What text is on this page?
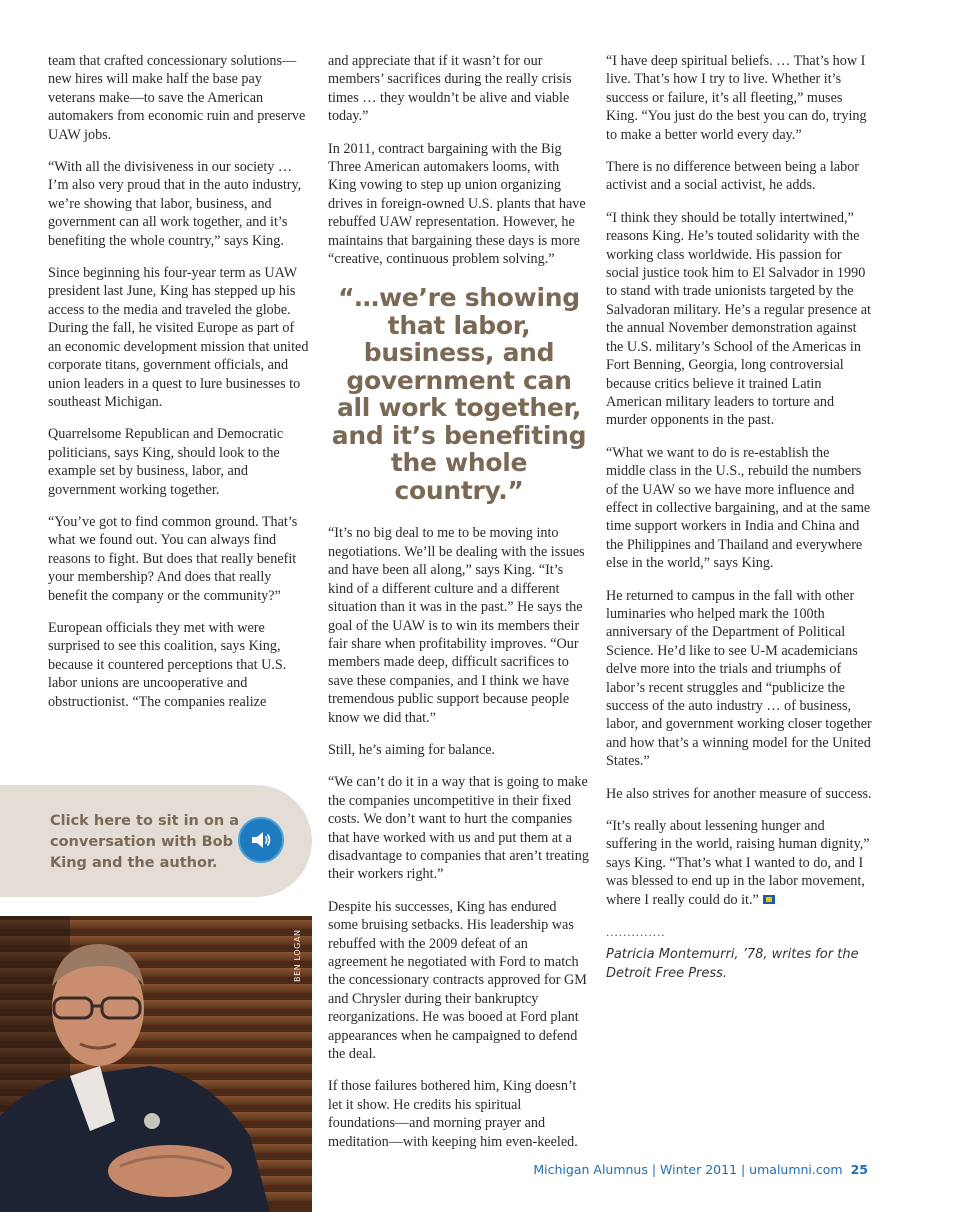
team that crafted concessionary solutions—new hires will make half the base pay veterans make—to save the American automakers from economic ruin and preserve UAW jobs.

“With all the divisiveness in our society …I’m also very proud that in the auto industry, we’re showing that labor, business, and government can all work together, and it’s benefiting the whole country,” says King.

Since beginning his four-year term as UAW president last June, King has stepped up his access to the media and traveled the globe. During the fall, he visited Europe as part of an economic development mission that united corporate titans, government officials, and union leaders in a quest to lure businesses to southeast Michigan.

Quarrelsome Republican and Democratic politicians, says King, should look to the example set by business, labor, and government working together.

“You’ve got to find common ground. That’s what we found out. You can always find reasons to fight. But does that really benefit your membership? And does that really benefit the company or the community?”

European officials they met with were surprised to see this coalition, says King, because it countered perceptions that U.S. labor unions are uncooperative and obstructionist. “The companies realize

Click here to sit in on a conversation with Bob King and the author.
BEN LOGAN

and appreciate that if it wasn’t for our members’ sacrifices during the really crisis times … they wouldn’t be alive and viable today.”

In 2011, contract bargaining with the Big Three American automakers looms, with King vowing to step up union organizing drives in foreign-owned U.S. plants that have rebuffed UAW representation. However, he maintains that bargaining these days is more “creative, continuous problem solving.”

“…we’re showing that labor, business, and government can all work together, and it’s benefiting the whole country.”

“It’s no big deal to me to be moving into negotiations. We’ll be dealing with the issues and have been all along,” says King. “It’s kind of a different culture and a different situation than it was in the past.” He says the goal of the UAW is to win its members their fair share when profitability improves. “Our members made deep, difficult sacrifices to save these companies, and I think we have tremendous public support because people know we did that.”

Still, he’s aiming for balance.

“We can’t do it in a way that is going to make the companies uncompetitive in their fixed costs. We don’t want to hurt the companies that have worked with us and put them at a disadvantage to companies that aren’t treating their workers right.”

Despite his successes, King has endured some bruising setbacks. His leadership was rebuffed with the 2009 defeat of an agreement he negotiated with Ford to match the concessionary contracts approved for GM and Chrysler during their bankruptcy reorganizations. He was booed at Ford plant appearances when he campaigned to defend the deal.

If those failures bothered him, King doesn’t let it show. He credits his spiritual foundations—and morning prayer and meditation—with keeping him even-keeled.

“I have deep spiritual beliefs. … That’s how I live. That’s how I try to live. Whether it’s success or failure, it’s all fleeting,” muses King. “You just do the best you can do, trying to make a better world every day.”

There is no difference between being a labor activist and a social activist, he adds.

“I think they should be totally intertwined,” reasons King. He’s touted solidarity with the working class worldwide. His passion for social justice took him to El Salvador in 1990 to stand with trade unionists targeted by the Salvadoran military. He’s a regular presence at the annual November demonstration against the U.S. military’s School of the Americas in Fort Benning, Georgia, long controversial because critics believe it trained Latin American military leaders to torture and murder opponents in the past.

“What we want to do is re-establish the middle class in the U.S., rebuild the numbers of the UAW so we have more influence and effect in collective bargaining, and at the same time support workers in India and China and the Philippines and Thailand and everywhere else in the world,” says King.

He returned to campus in the fall with other luminaries who helped mark the 100th anniversary of the Department of Political Science. He’d like to see U-M academicians delve more into the trials and triumphs of labor’s recent struggles and “publicize the success of the auto industry … of business, labor, and government working closer together and how that’s a winning model for the United States.”

He also strives for another measure of success.

“It’s really about lessening hunger and suffering in the world, raising human dignity,” says King. “That’s what I wanted to do, and I was blessed to end up in the labor movement, where I really could do it.”

..............
Patricia Montemurri, ’78, writes for the
Detroit Free Press.
Michigan Alumnus | Winter 2011 | umalumni.com 25
